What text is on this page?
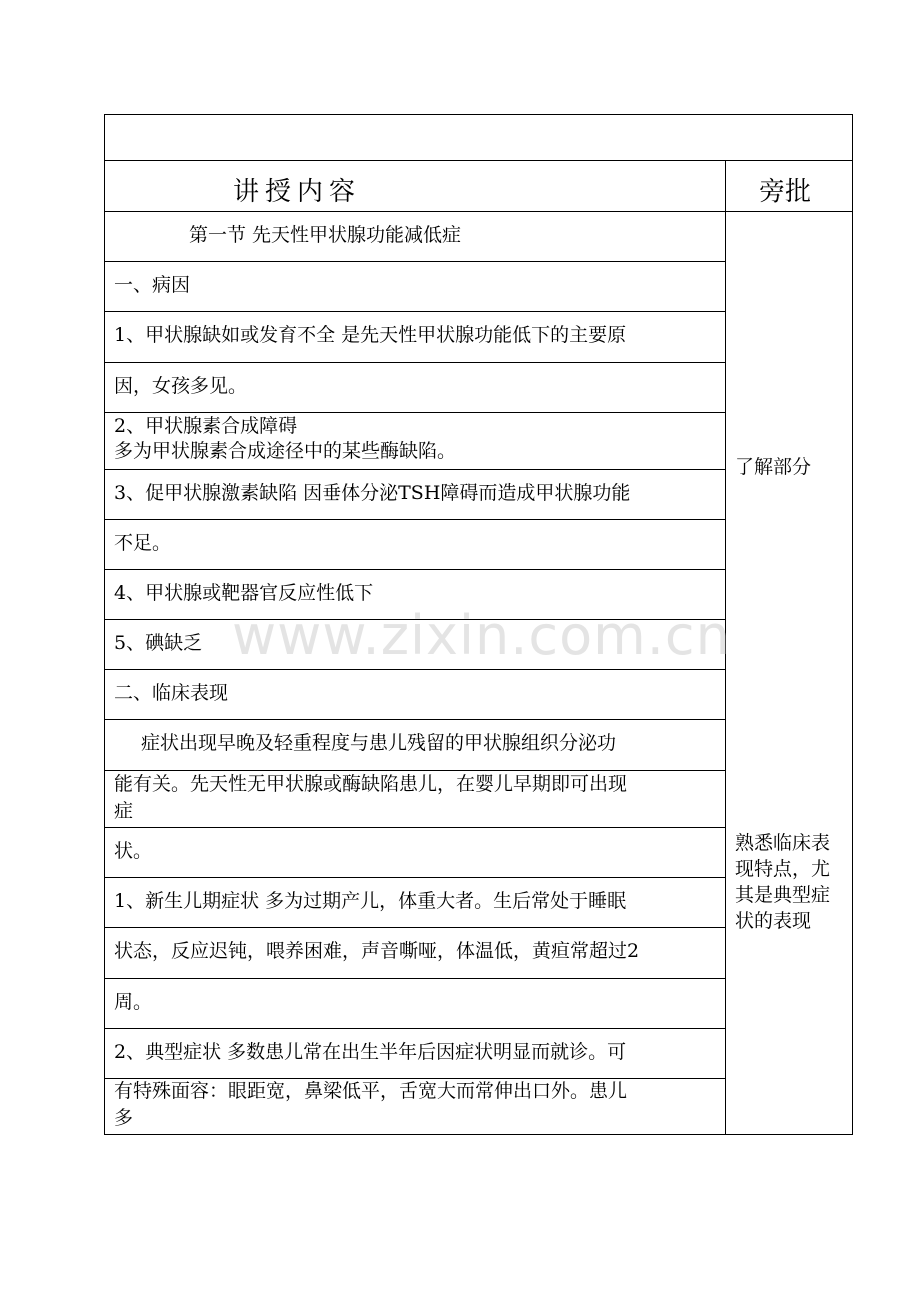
讲授内容	旁批
第一节 先天性甲状腺功能减低症
一、病因
1、甲状腺缺如或发育不全 是先天性甲状腺功能低下的主要原
因，女孩多见。
2、甲状腺素合成障碍
多为甲状腺素合成途径中的某些酶缺陷。
3、促甲状腺激素缺陷 因垂体分泌TSH障碍而造成甲状腺功能
不足。
4、甲状腺或靶器官反应性低下
5、碘缺乏
二、临床表现
症状出现早晚及轻重程度与患儿残留的甲状腺组织分泌功
能有关。先天性无甲状腺或酶缺陷患儿，在婴儿早期即可出现
症
状。
1、新生儿期症状 多为过期产儿，体重大者。生后常处于睡眠
状态，反应迟钝，喂养困难，声音嘶哑，体温低，黄疸常超过2
周。
2、典型症状 多数患儿常在出生半年后因症状明显而就诊。可
有特殊面容：眼距宽，鼻梁低平，舌宽大而常伸出口外。患儿
多
了解部分
熟悉临床表
现特点，尤
其是典型症
状的表现
www.zixin.com.cn
